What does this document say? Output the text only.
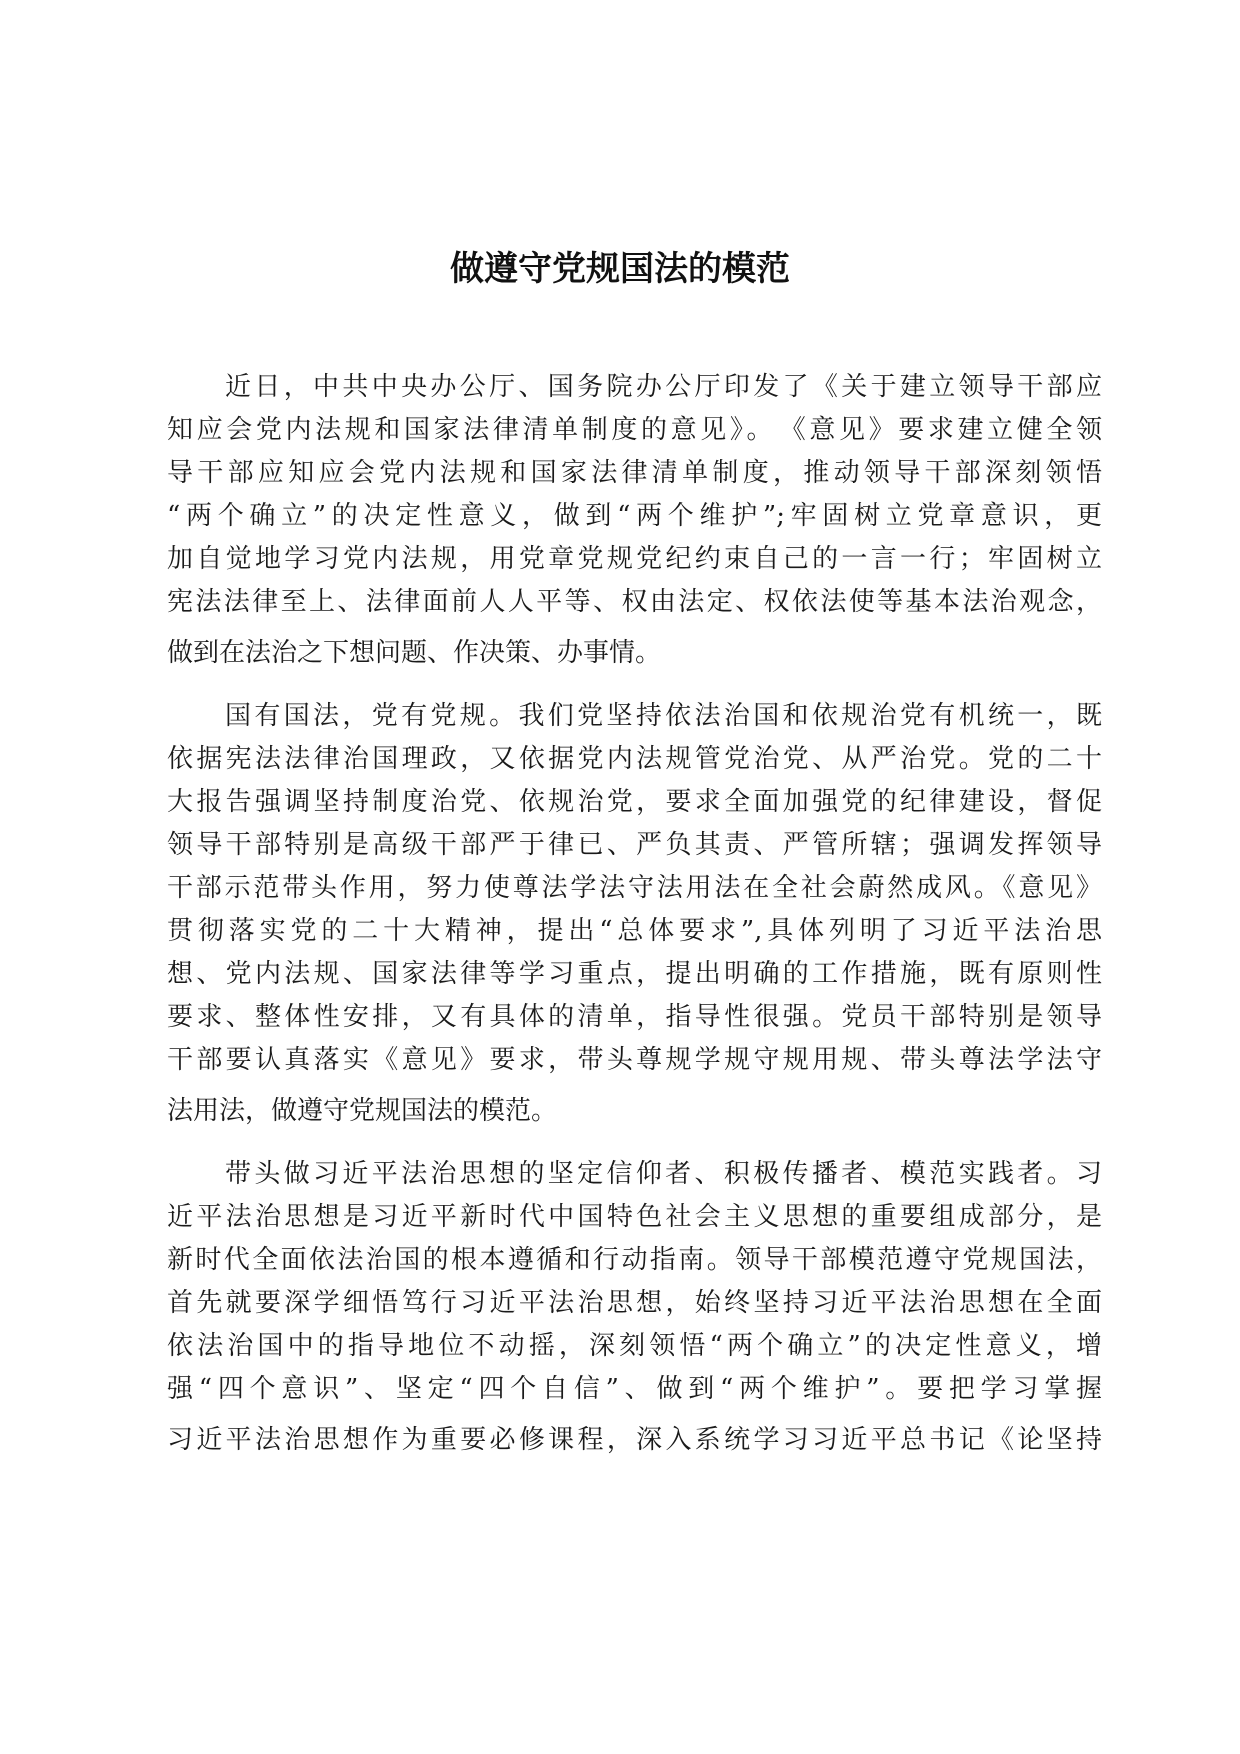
做遵守党规国法的模范
近日，中共中央办公厅、国务院办公厅印发了《关于建立领导干部应
知应会党内法规和国家法律清单制度的意见》。　《意见》要求建立健全领
导干部应知应会党内法规和国家法律清单制度，推动领导干部深刻领悟
“两个确立”的决定性意义，做到“两个维护”;牢固树立党章意识，更
加自觉地学习党内法规，用党章党规党纪约束自己的一言一行；牢固树立
宪法法律至上、法律面前人人平等、权由法定、权依法使等基本法治观念，
做到在法治之下想问题、作决策、办事情。
国有国法，党有党规。我们党坚持依法治国和依规治党有机统一，既
依据宪法法律治国理政，又依据党内法规管党治党、从严治党。党的二十
大报告强调坚持制度治党、依规治党，要求全面加强党的纪律建设，督促
领导干部特别是高级干部严于律已、严负其责、严管所辖；强调发挥领导
干部示范带头作用，努力使尊法学法守法用法在全社会蔚然成风。《意见》
贯彻落实党的二十大精神，提出“总体要求”,具体列明了习近平法治思
想、党内法规、国家法律等学习重点，提出明确的工作措施，既有原则性
要求、整体性安排，又有具体的清单，指导性很强。党员干部特别是领导
干部要认真落实《意见》要求，带头尊规学规守规用规、带头尊法学法守
法用法，做遵守党规国法的模范。
带头做习近平法治思想的坚定信仰者、积极传播者、模范实践者。习
近平法治思想是习近平新时代中国特色社会主义思想的重要组成部分，是
新时代全面依法治国的根本遵循和行动指南。领导干部模范遵守党规国法，
首先就要深学细悟笃行习近平法治思想，始终坚持习近平法治思想在全面
依法治国中的指导地位不动摇，深刻领悟“两个确立”的决定性意义，增
强“四个意识”、坚定“四个自信”、做到“两个维护”。要把学习掌握
习近平法治思想作为重要必修课程，深入系统学习习近平总书记《论坚持
